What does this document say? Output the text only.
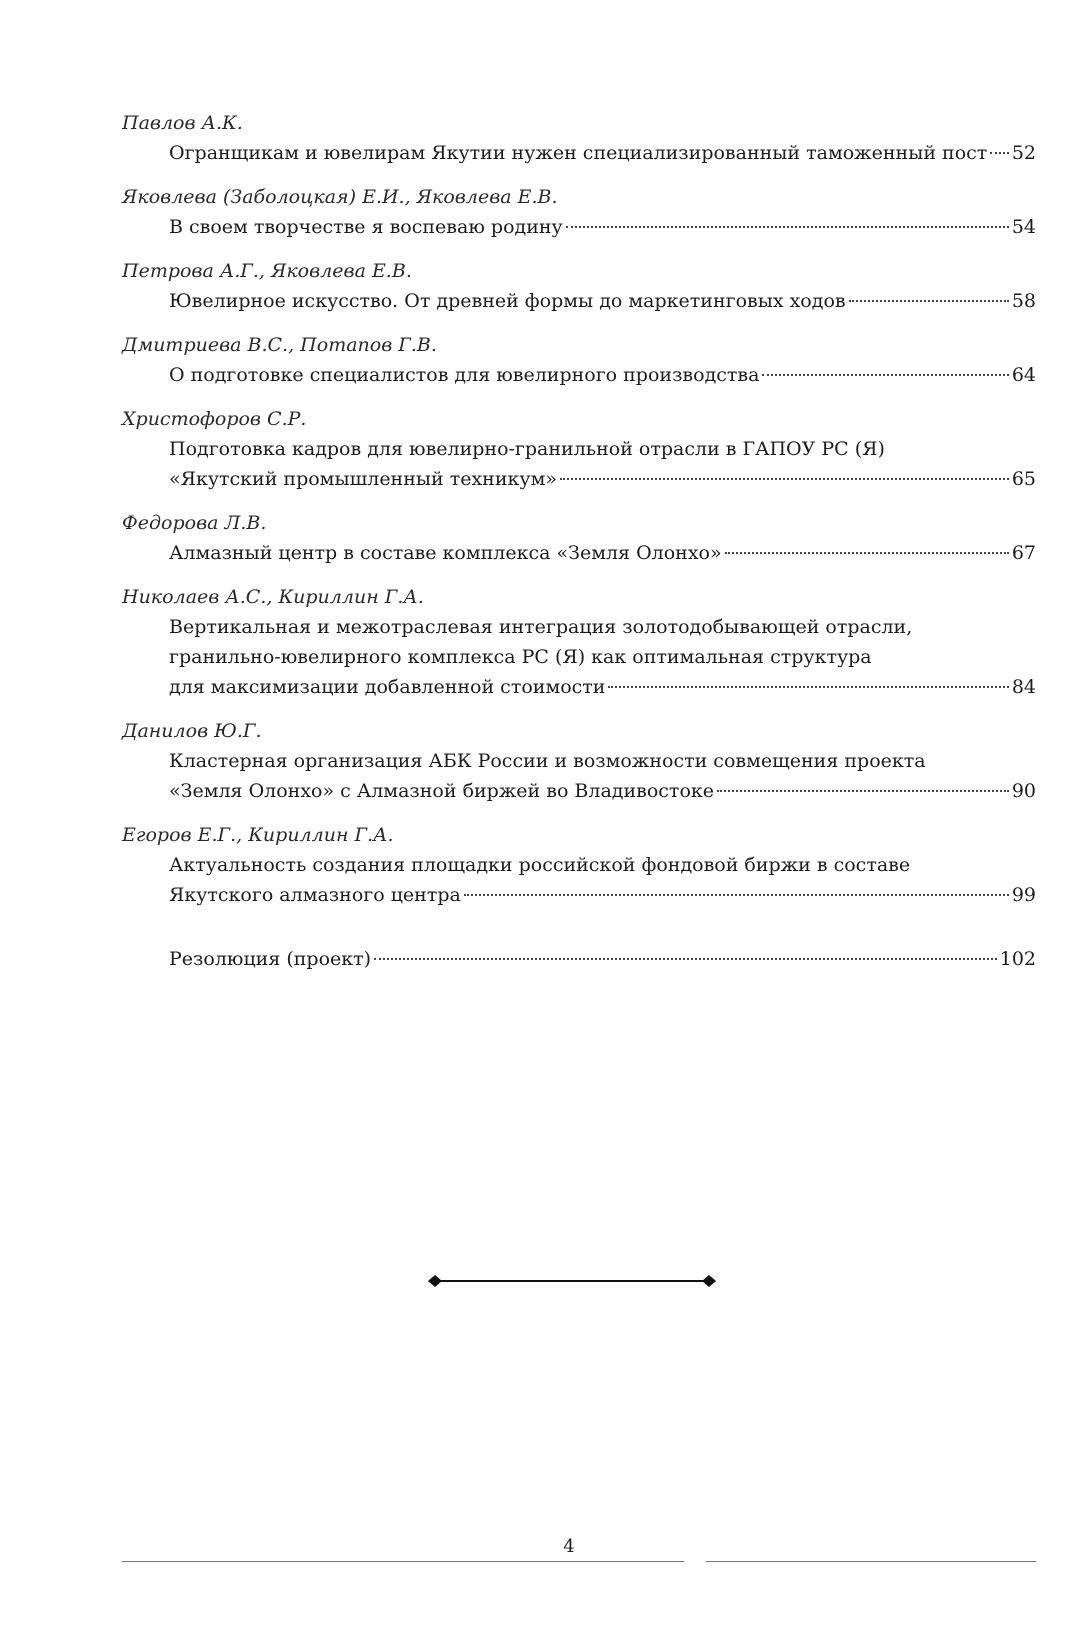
Павлов А.К.
Огранщикам и ювелирам Якутии нужен специализированный таможенный пост 52
Яковлева (Заболоцкая) Е.И., Яковлева Е.В.
В своем творчестве я воспеваю родину	54
Петрова А.Г., Яковлева Е.В.
Ювелирное искусство. От древней формы до маркетинговых ходов	58
Дмитриева В.С., Потапов Г.В.
О подготовке специалистов для ювелирного производства	64
Христофоров С.Р.
Подготовка кадров для ювелирно-гранильной отрасли в ГАПОУ РС (Я)
«Якутский промышленный техникум»	65
Федорова Л.В.
Алмазный центр в составе комплекса «Земля Олонхо»	67
Николаев А.С., Кириллин Г.А.
Вертикальная и межотраслевая интеграция золотодобывающей отрасли,
гранильно-ювелирного комплекса РС (Я) как оптимальная структура
для максимизации добавленной стоимости	84
Данилов Ю.Г.
Кластерная организация АБК России и возможности совмещения проекта
«Земля Олонхо» с Алмазной биржей во Владивостоке	90
Егоров Е.Г., Кириллин Г.А.
Актуальность создания площадки российской фондовой биржи в составе
Якутского алмазного центра	99
Резолюция (проект)	102
4
